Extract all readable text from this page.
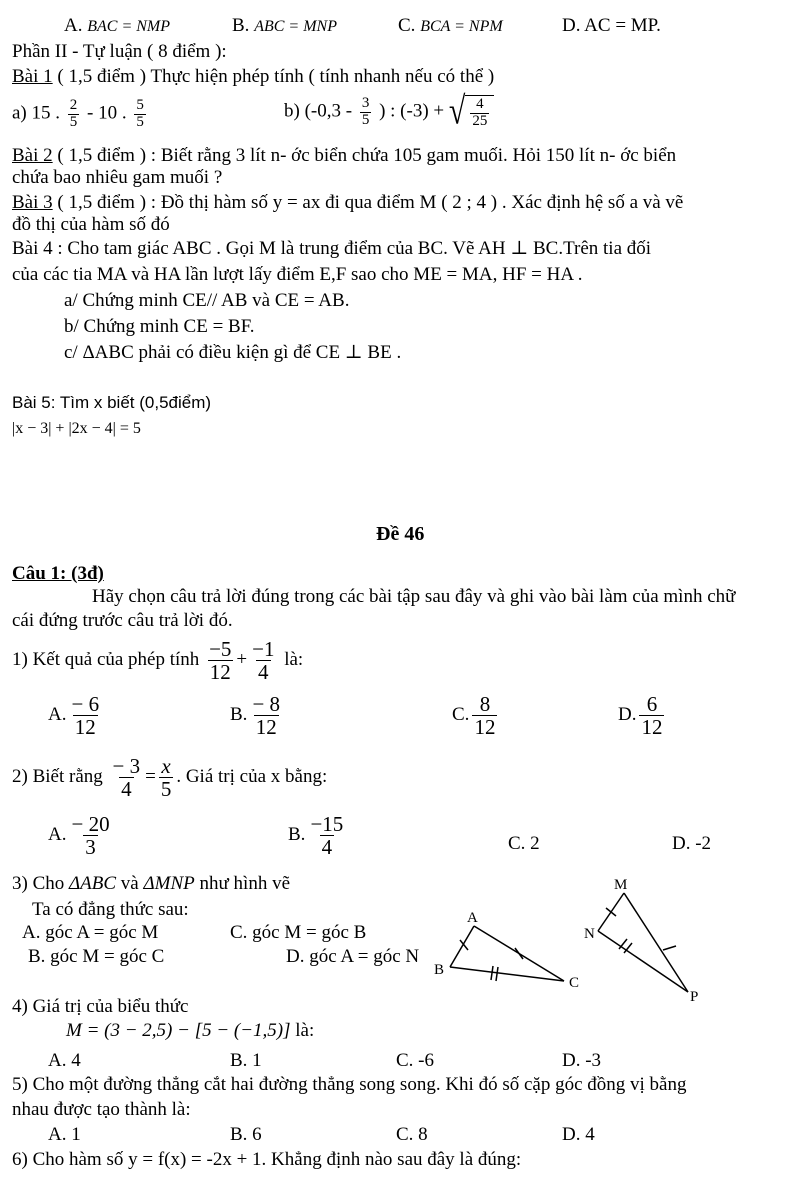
A. BAC = NMP	B. ABC = MNP	C. BCA = NPM	D. AC = MP.
Phần II - Tự luận ( 8 điểm ):
Bài 1 ( 1,5 điểm ) Thực hiện phép tính ( tính nhanh nếu có thể )
a) 15 . $\frac{2}{5} - 10$ . $\frac{5}{5}$	b) ($-0,3 - \frac{3}{5}$ ) : (-3) + √ $\frac{4}{25}$
Bài 2 ( 1,5 điểm ) : Biết rằng 3 lít n- ớc biển chứa 105 gam muối. Hỏi 150 lít n- ớc biển
chứa bao nhiêu gam muối ?
Bài 3 ( 1,5 điểm ) : Đồ thị hàm số y = ax đi qua điểm M ( 2 ; 4 ) . Xác định hệ số a và vẽ
đồ thị của hàm số đó
Bài 4 : Cho tam giác ABC . Gọi M là trung điểm của BC. Vẽ AH ⊥ BC.Trên tia đối
của các tia MA và HA lần lượt lấy điểm E,F sao cho ME = MA, HF = HA .
a/ Chứng minh CE// AB và CE = AB.
b/ Chứng minh CE = BF.
c/ ΔABC phải có điều kiện gì để CE ⊥ BE .
Bài 5: Tìm x biết (0,5điểm)
|x − 3| + |2x − 4| = 5
Đề 46
Câu 1: (3đ)
Hãy chọn câu trả lời đúng trong các bài tập sau đây và ghi vào bài làm của mình chữ
cái đứng trước câu trả lời đó.
1) Kết quả của phép tính $\frac{-5}{12} + \frac{-1}{4}$ là:
A. $\frac{- 6}{12}$	B. $\frac{- 8}{12}$	C. $\frac{8}{12}$	D. $\frac{6}{12}$
2) Biết rằng $\frac{- 3}{4} = \frac{x}{5}$ . Giá trị của x bằng:
A. $\frac{- 20}{3}$	B. $\frac{-15}{4}$	C. 2	D. -2
3) Cho ΔABC và ΔMNP như hình vẽ
Ta có đẳng thức sau:
A. góc A = góc M	C. góc M = góc B
B. góc M = góc C	D. góc A = góc N
A
B
C
M
N
P
4) Giá trị của biểu thức
M = (3 − 2,5) − [5 − (−1,5)] là:
A. 4	B. 1	C. -6	D. -3
5) Cho một đường thẳng cắt hai đường thẳng song song. Khi đó số cặp góc đồng vị bằng
nhau được tạo thành là:
A. 1	B. 6	C. 8	D. 4
6) Cho hàm số y = f(x) = -2x + 1. Khẳng định nào sau đây là đúng:
